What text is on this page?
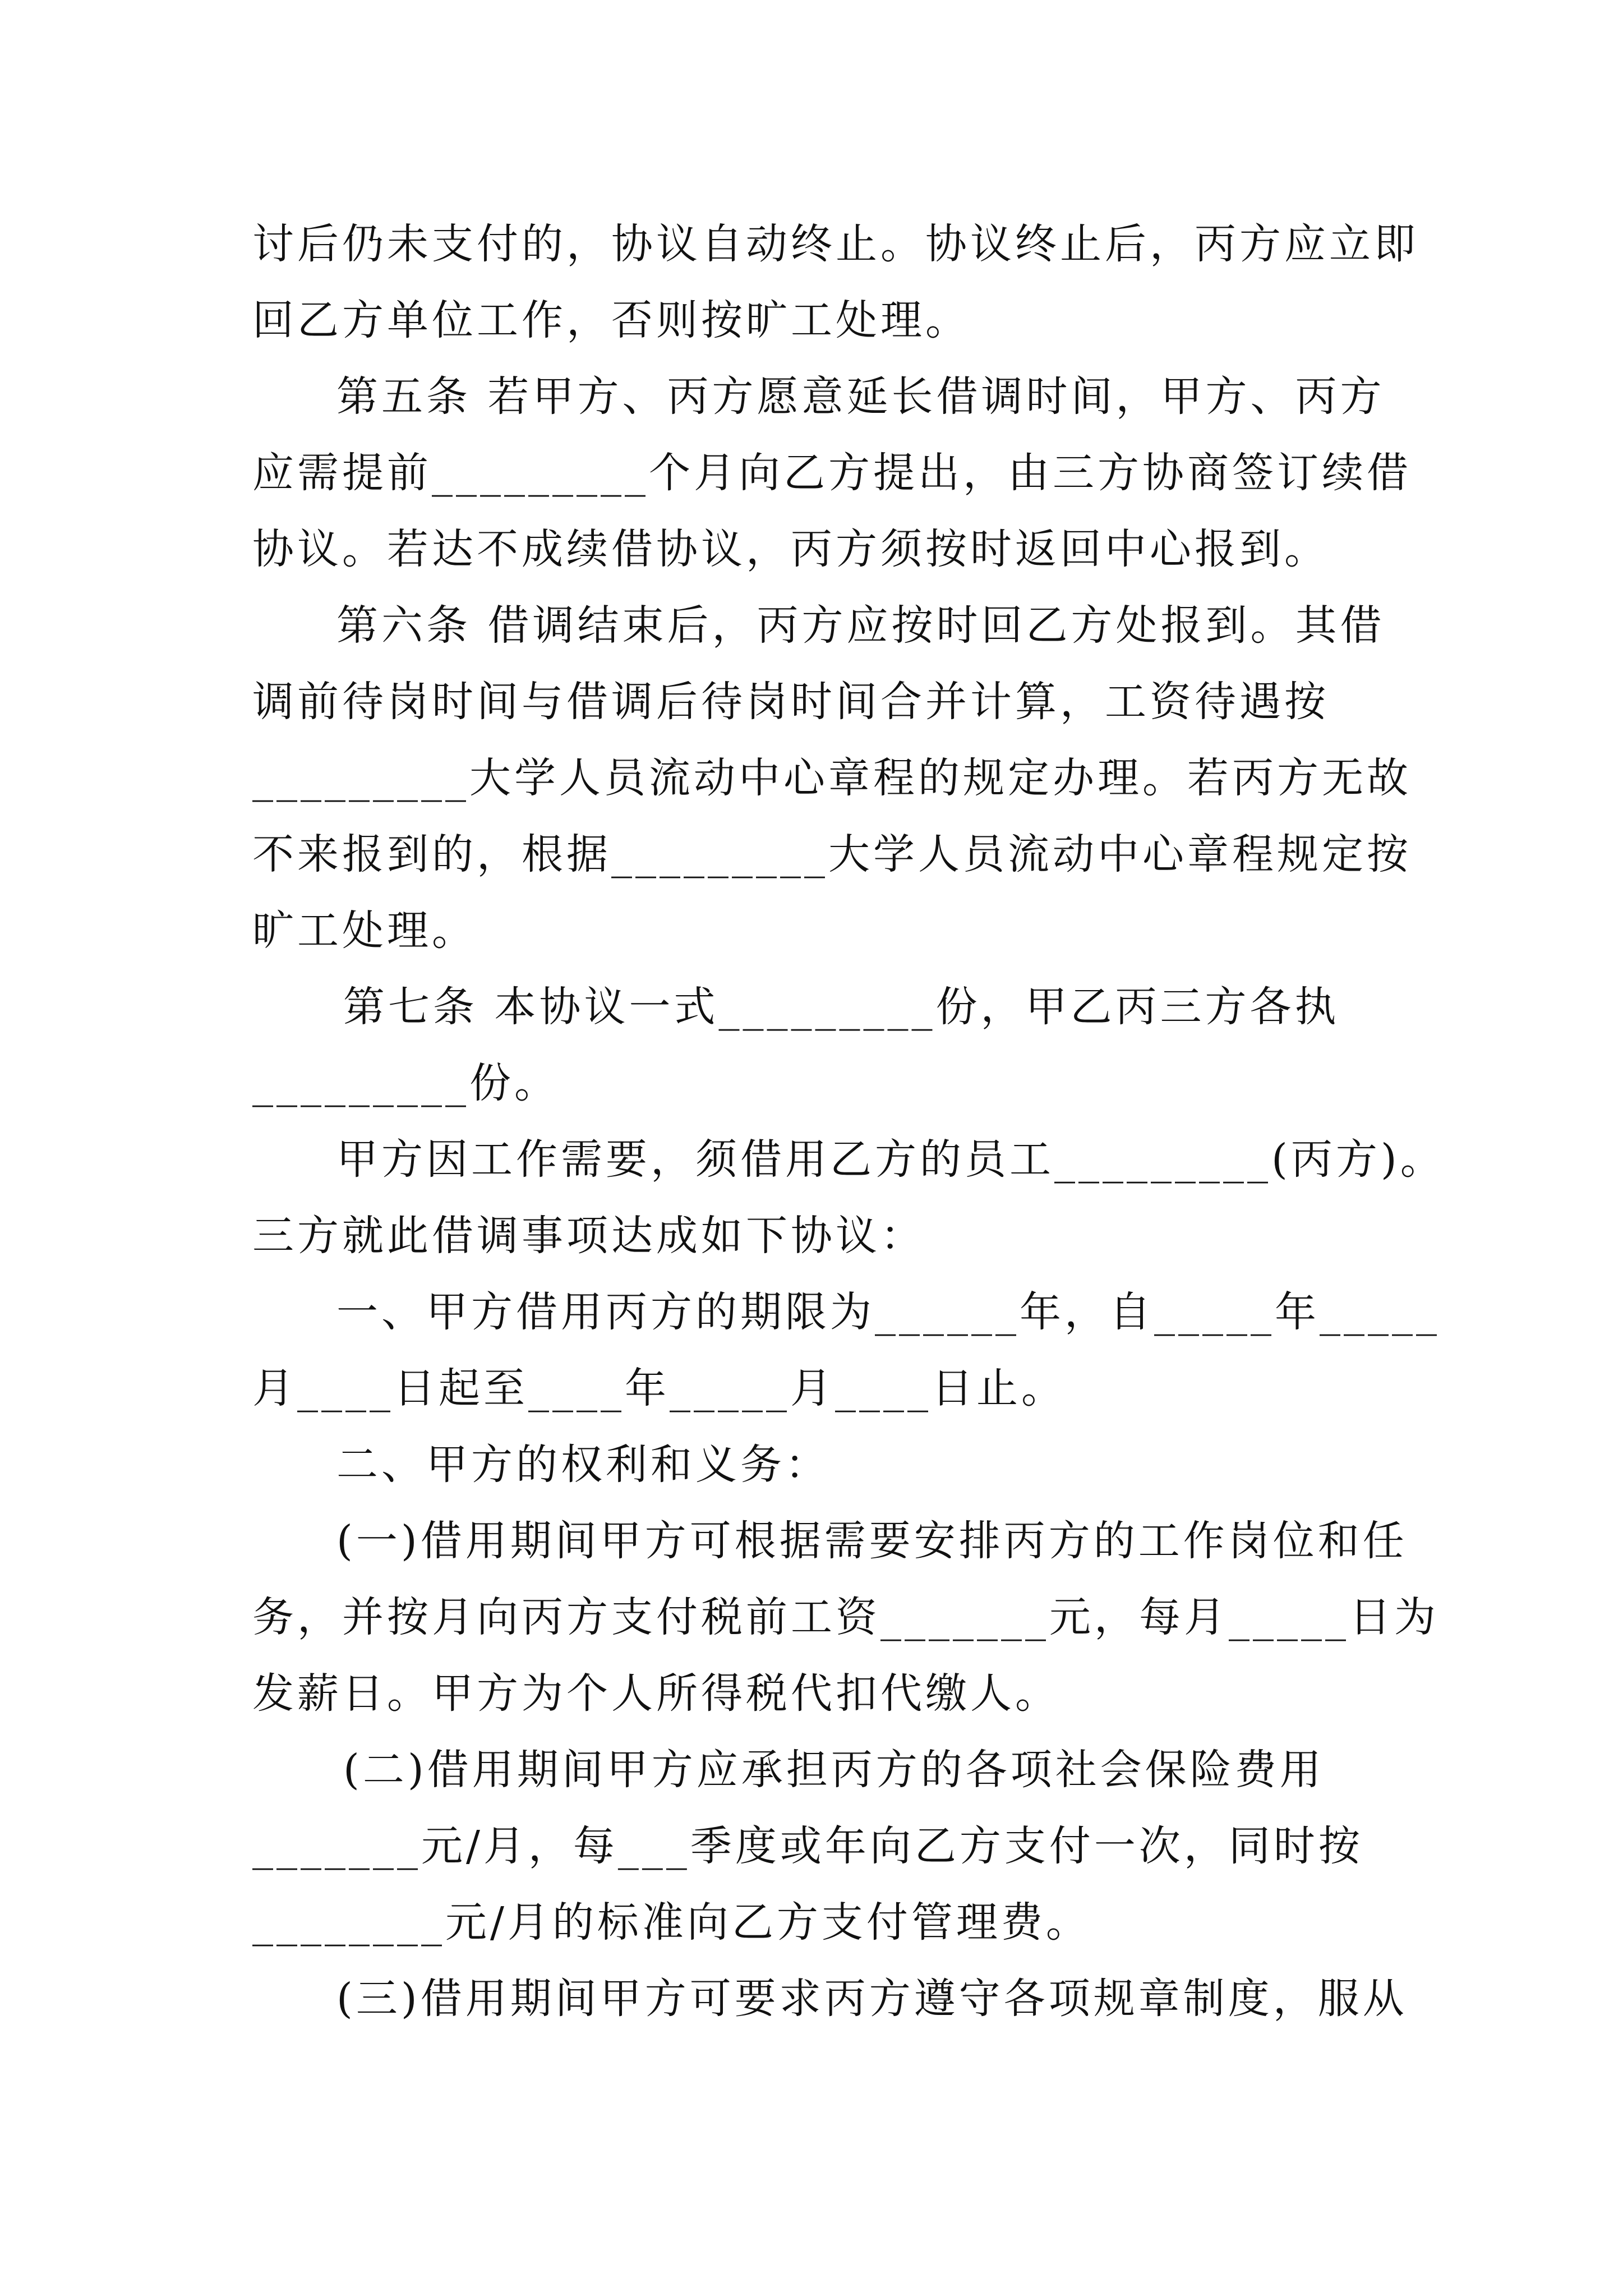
讨后仍未支付的，协议自动终止。协议终止后，丙方应立即
回乙方单位工作，否则按旷工处理。
第五条 若甲方、丙方愿意延长借调时间，甲方、丙方
应需提前_________个月向乙方提出，由三方协商签订续借
协议。若达不成续借协议，丙方须按时返回中心报到。
第六条 借调结束后，丙方应按时回乙方处报到。其借
调前待岗时间与借调后待岗时间合并计算，工资待遇按
_________大学人员流动中心章程的规定办理。若丙方无故
不来报到的，根据_________大学人员流动中心章程规定按
旷工处理。
第七条 本协议一式_________份，甲乙丙三方各执
_________份。
甲方因工作需要，须借用乙方的员工_________(丙方)。
三方就此借调事项达成如下协议：
一、甲方借用丙方的期限为______年，自_____年_____
月____日起至____年_____月____日止。
二、甲方的权利和义务：
(一)借用期间甲方可根据需要安排丙方的工作岗位和任
务，并按月向丙方支付税前工资_______元，每月_____日为
发薪日。甲方为个人所得税代扣代缴人。
(二)借用期间甲方应承担丙方的各项社会保险费用
_______元/月，每___季度或年向乙方支付一次，同时按
________元/月的标准向乙方支付管理费。
(三)借用期间甲方可要求丙方遵守各项规章制度，服从
